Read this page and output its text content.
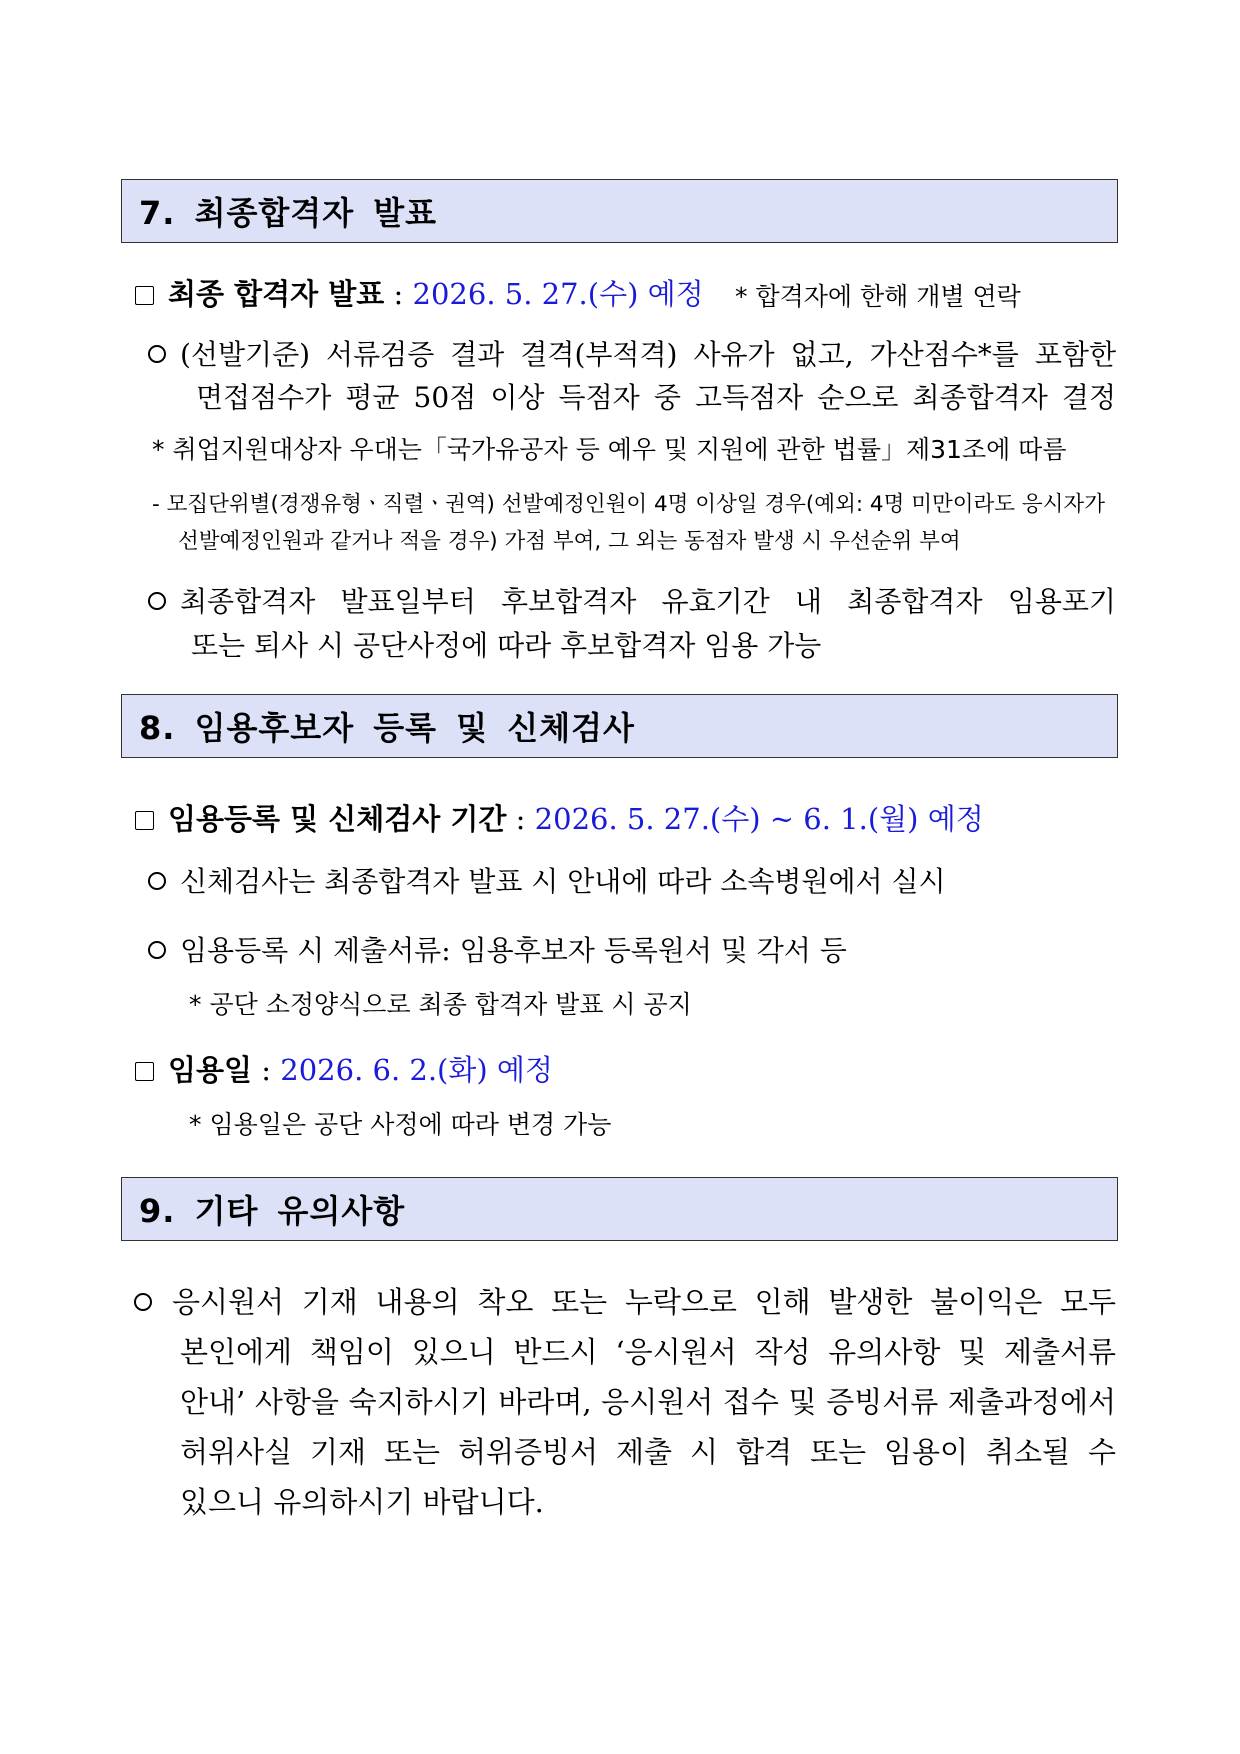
7. 최종합격자 발표
최종 합격자 발표 : 2026. 5. 27.(수) 예정 * 합격자에 한해 개별 연락
(선발기준) 서류검증 결과 결격(부적격) 사유가 없고, 가산점수*를 포함한
면접점수가 평균 50점 이상 득점자 중 고득점자 순으로 최종합격자 결정
* 취업지원대상자 우대는「국가유공자 등 예우 및 지원에 관한 법률」제31조에 따름
- 모집단위별(경쟁유형ㆍ직렬ㆍ권역) 선발예정인원이 4명 이상일 경우(예외: 4명 미만이라도 응시자가
선발예정인원과 같거나 적을 경우) 가점 부여, 그 외는 동점자 발생 시 우선순위 부여
최종합격자 발표일부터 후보합격자 유효기간 내 최종합격자 임용포기
또는 퇴사 시 공단사정에 따라 후보합격자 임용 가능
8. 임용후보자 등록 및 신체검사
임용등록 및 신체검사 기간 : 2026. 5. 27.(수) ~ 6. 1.(월) 예정
신체검사는 최종합격자 발표 시 안내에 따라 소속병원에서 실시
임용등록 시 제출서류: 임용후보자 등록원서 및 각서 등
* 공단 소정양식으로 최종 합격자 발표 시 공지
임용일 : 2026. 6. 2.(화) 예정
* 임용일은 공단 사정에 따라 변경 가능
9. 기타 유의사항
응시원서 기재 내용의 착오 또는 누락으로 인해 발생한 불이익은 모두
본인에게 책임이 있으니 반드시 ‘응시원서 작성 유의사항 및 제출서류
안내’ 사항을 숙지하시기 바라며, 응시원서 접수 및 증빙서류 제출과정에서
허위사실 기재 또는 허위증빙서 제출 시 합격 또는 임용이 취소될 수
있으니 유의하시기 바랍니다.
